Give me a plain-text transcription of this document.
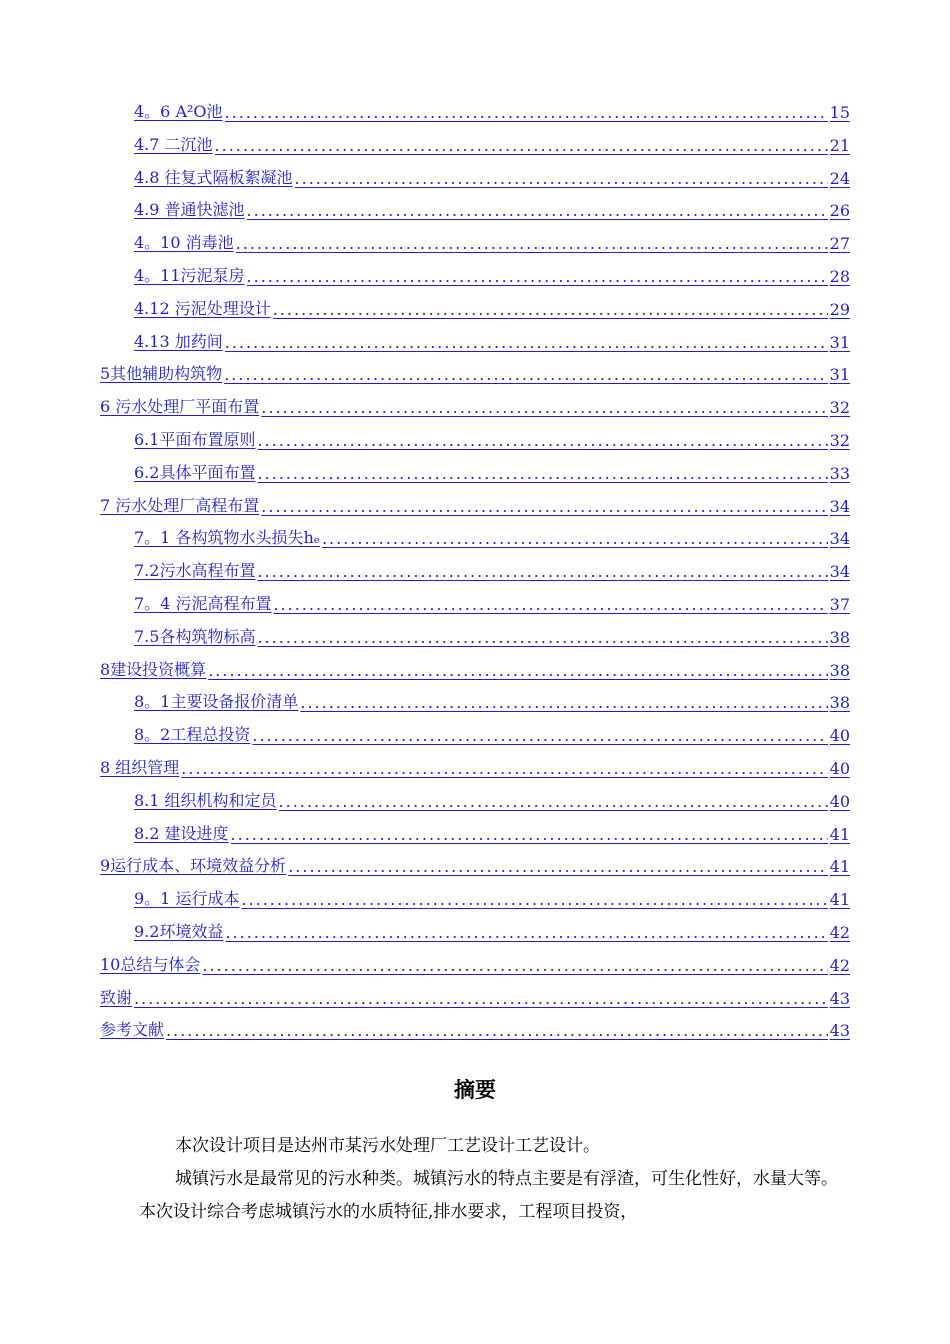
4。6 A²O池 .....	15
4.7 二沉池 .....	21
4.8 往复式隔板絮凝池 .....	24
4.9 普通快滤池 .....	26
4。10 消毒池 .....	27
4。11污泥泵房 .....	28
4.12 污泥处理设计 .....	29
4.13 加药间 .....	31
5其他辅助构筑物 .....	31
6 污水处理厂平面布置 .....	32
6.1平面布置原则 .....	32
6.2具体平面布置 .....	33
7 污水处理厂高程布置 .....	34
7。1 各构筑物水头损失hₑ .....	34
7.2污水高程布置 .....	34
7。4 污泥高程布置 .....	37
7.5各构筑物标高 .....	38
8建设投资概算 .....	38
8。1主要设备报价清单 .....	38
8。2工程总投资 .....	40
8 组织管理 .....	40
8.1 组织机构和定员 .....	40
8.2 建设进度 .....	41
9运行成本、环境效益分析 .....	41
9。1 运行成本 .....	41
9.2环境效益 .....	42
10总结与体会 .....	42
致谢 .....	43
参考文献 .....	43
摘要
本次设计项目是达州市某污水处理厂工艺设计工艺设计。
城镇污水是最常见的污水种类。城镇污水的特点主要是有浮渣，可生化性好，水量大等。本次设计综合考虑城镇污水的水质特征,排水要求，工程项目投资，
